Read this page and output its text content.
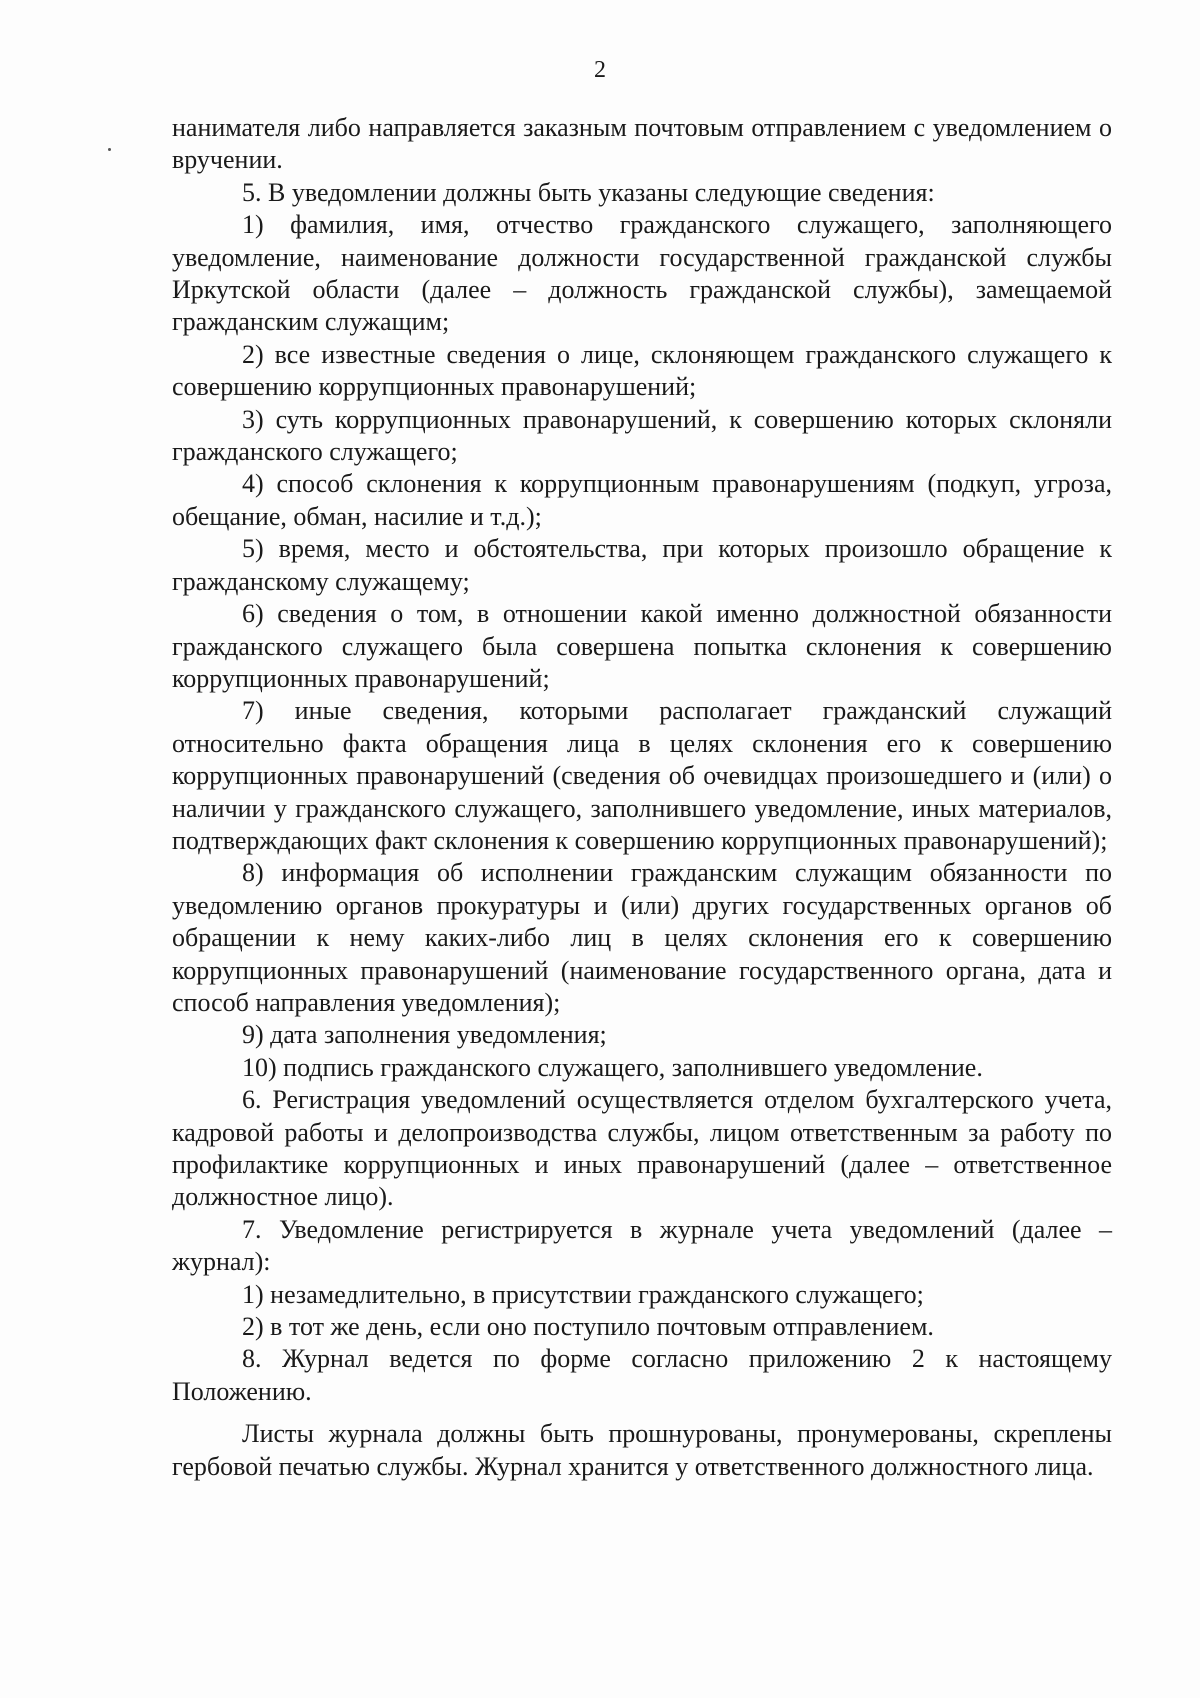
2

нанимателя либо направляется заказным почтовым отправлением с уведомлением о вручении.

5. В уведомлении должны быть указаны следующие сведения:

1) фамилия, имя, отчество гражданского служащего, заполняющего уведомление, наименование должности государственной гражданской службы Иркутской области (далее – должность гражданской службы), замещаемой гражданским служащим;

2) все известные сведения о лице, склоняющем гражданского служащего к совершению коррупционных правонарушений;

3) суть коррупционных правонарушений, к совершению которых склоняли гражданского служащего;

4) способ склонения к коррупционным правонарушениям (подкуп, угроза, обещание, обман, насилие и т.д.);

5) время, место и обстоятельства, при которых произошло обращение к гражданскому служащему;

6) сведения о том, в отношении какой именно должностной обязанности гражданского служащего была совершена попытка склонения к совершению коррупционных правонарушений;

7) иные сведения, которыми располагает гражданский служащий относительно факта обращения лица в целях склонения его к совершению коррупционных правонарушений (сведения об очевидцах произошедшего и (или) о наличии у гражданского служащего, заполнившего уведомление, иных материалов, подтверждающих факт склонения к совершению коррупционных правонарушений);

8) информация об исполнении гражданским служащим обязанности по уведомлению органов прокуратуры и (или) других государственных органов об обращении к нему каких-либо лиц в целях склонения его к совершению коррупционных правонарушений (наименование государственного органа, дата и способ направления уведомления);

9) дата заполнения уведомления;

10) подпись гражданского служащего, заполнившего уведомление.

6. Регистрация уведомлений осуществляется отделом бухгалтерского учета, кадровой работы и делопроизводства службы, лицом ответственным за работу по профилактике коррупционных и иных правонарушений (далее – ответственное должностное лицо).

7. Уведомление регистрируется в журнале учета уведомлений (далее – журнал):

1) незамедлительно, в присутствии гражданского служащего;

2) в тот же день, если оно поступило почтовым отправлением.

8. Журнал ведется по форме согласно приложению 2 к настоящему Положению.

Листы журнала должны быть прошнурованы, пронумерованы, скреплены гербовой печатью службы. Журнал хранится у ответственного должностного лица.
